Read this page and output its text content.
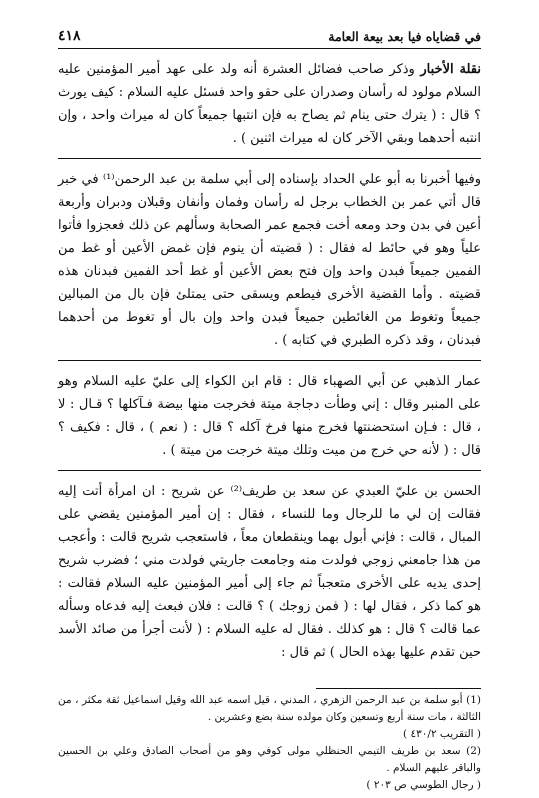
في قضاياه فيا بعد بيعة العامة
٤١٨
نقلة الأخبار وذكر صاحب فضائل العشرة أنه ولد على عهد أمير المؤمنين عليه السلام مولود له رأسان وصدران على حقو واحد فسئل عليه السلام : كيف يورث ؟ قال : ( يترك حتى ينام ثم يصاح به فإن انتبها جميعاً كان له ميراث واحد ، وإن انتبه أحدهما وبقي الآخر كان له ميراث اثنين ) .
وفيها أخبرنا به أبو علي الحداد بإسناده إلى أبي سلمة بن عبد الرحمن⁽¹⁾ في خبر قال أتي عمر بن الخطاب برجل له رأسان وفمان وأنفان وقبلان ودبران وأربعة أعين في بدن وحد ومعه أخت فجمع عمر الصحابة وسألهم عن ذلك فعجزوا فأتوا علياً وهو في حائط له فقال : ( قضيته أن ينوم فإن غمض الأعين أو غط من الفمين جميعاً فبدن واحد وإن فتح بعض الأعين أو غط أحد الفمين فبدنان هذه قضيته . وأما القضية الأخرى فيطعم ويسقى حتى يمتلئ فإن بال من المبالين جميعاً وتغوط من الغائطين جميعاً فبدن واحد وإن بال أو تغوط من أحدهما فبدنان ، وقد ذكره الطبري في كتابه ) .
عمار الذهبي عن أبي الصهباء قال : قام ابن الكواء إلى عليّ عليه السلام وهو على المنبر وقال : إني وطأت دجاجة ميتة فخرجت منها بيضة فـآكلها ؟ قـال : لا ، قال : فـإن استحضنتها فخرج منها فرخ آكله ؟ قال : ( نعم ) ، قال : فكيف ؟ قال : ( لأنه حي خرج من ميت وتلك ميتة خرجت من ميتة ) .
الحسن بن عليّ العبدي عن سعد بن طريف⁽²⁾ عن شريح : ان امرأة أتت إليه فقالت إن لي ما للرجال وما للنساء ، فقال : إن أمير المؤمنين يقضي على المبال ، قالت : فإني أبول بهما وينقطعان معاً ، فاستعجب شريح قالت : وأعجب من هذا جامعني زوجي فولدت منه وجامعت جاريتي فولدت مني ؛ فضرب شريح إحدى يديه على الأخرى متعجباً ثم جاء إلى أمير المؤمنين عليه السلام فقالت : هو كما ذكر ، فقال لها : ( فمن زوجك ) ؟ قالت : فلان فبعث إليه فدعاه وسأله عما قالت ؟ قال : هو كذلك . فقال له عليه السلام : ( لأنت أجرأ من صائد الأسد حين تقدم عليها بهذه الحال ) ثم قال :
(1) أبو سلمة بن عبد الرحمن الزهري ، المدني ، قيل اسمه عبد الله وقيل اسماعيل ثقة مكثر ، من الثالثة ، مات سنة أربع وتسعين وكان مولده سنة بضع وعشرين .
( التقريب ٤٣٠/٢ )
(2) سعد بن طريف التيمي الحنظلي مولى كوفي وهو من أصحاب الصادق وعلي بن الحسين والباقر عليهم السلام .
( رجال الطوسي ص ٢٠٣ )
